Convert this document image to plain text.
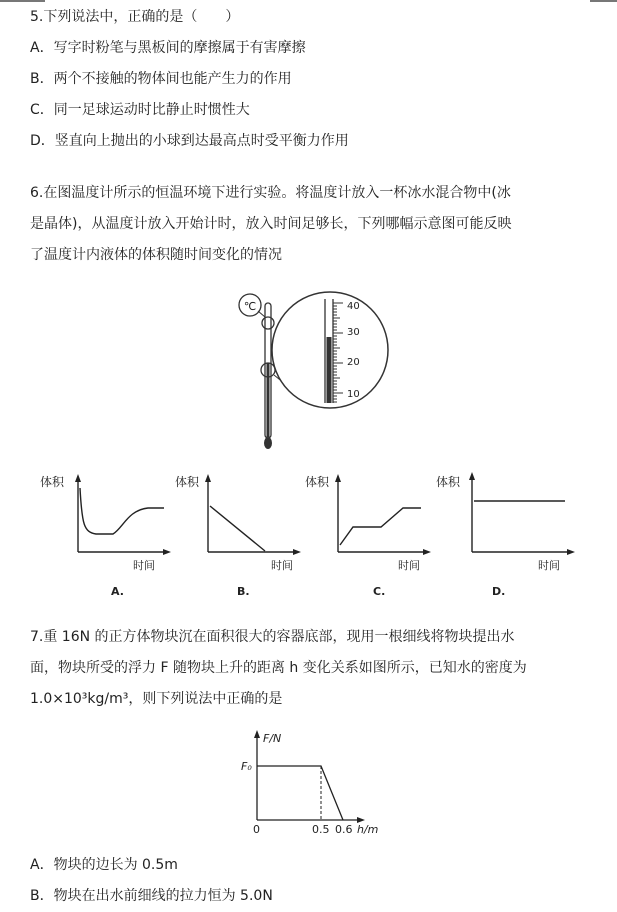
5.下列说法中，正确的是（　　）
A．写字时粉笔与黑板间的摩擦属于有害摩擦
B．两个不接触的物体间也能产生力的作用
C．同一足球运动时比静止时惯性大
D．竖直向上抛出的小球到达最高点时受平衡力作用
6.在图温度计所示的恒温环境下进行实验。将温度计放入一杯冰水混合物中(冰
是晶体)，从温度计放入开始计时，放入时间足够长，下列哪幅示意图可能反映
了温度计内液体的体积随时间变化的情况
℃	40
30
20
10
体积
时间
A.
体积
时间
B.
体积
时间
C.
体积
时间
D.
7.重 16N 的正方体物块沉在面积很大的容器底部，现用一根细线将物块提出水
面，物块所受的浮力 F 随物块上升的距离 h 变化关系如图所示，已知水的密度为
1.0×10³kg/m³，则下列说法中正确的是
F/N
F₀
0	0.5 0.6 h/m
A．物块的边长为 0.5m
B．物块在出水前细线的拉力恒为 5.0N
